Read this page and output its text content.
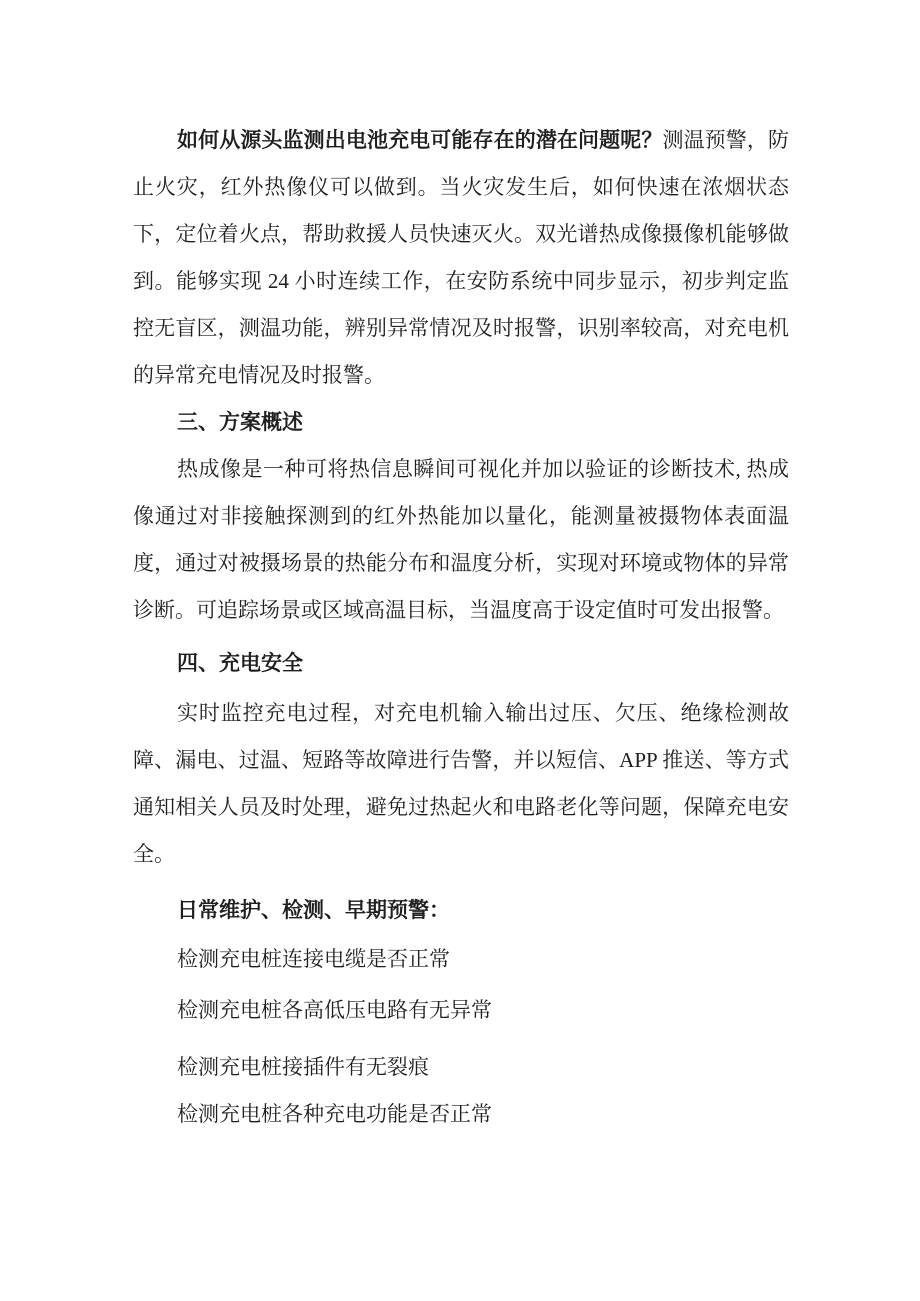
如何从源头监测出电池充电可能存在的潜在问题呢？测温预警，防止火灾，红外热像仪可以做到。当火灾发生后，如何快速在浓烟状态下，定位着火点，帮助救援人员快速灭火。双光谱热成像摄像机能够做到。能够实现 24 小时连续工作，在安防系统中同步显示，初步判定监控无盲区，测温功能，辨别异常情况及时报警，识别率较高，对充电机的异常充电情况及时报警。

三、方案概述

热成像是一种可将热信息瞬间可视化并加以验证的诊断技术, 热成像通过对非接触探测到的红外热能加以量化，能测量被摄物体表面温度，通过对被摄场景的热能分布和温度分析，实现对环境或物体的异常诊断。可追踪场景或区域高温目标，当温度高于设定值时可发出报警。

四、充电安全

实时监控充电过程，对充电机输入输出过压、欠压、绝缘检测故障、漏电、过温、短路等故障进行告警，并以短信、APP 推送、等方式通知相关人员及时处理，避免过热起火和电路老化等问题，保障充电安全。

日常维护、检测、早期预警：

检测充电桩连接电缆是否正常

检测充电桩各高低压电路有无异常

检测充电桩接插件有无裂痕

检测充电桩各种充电功能是否正常
